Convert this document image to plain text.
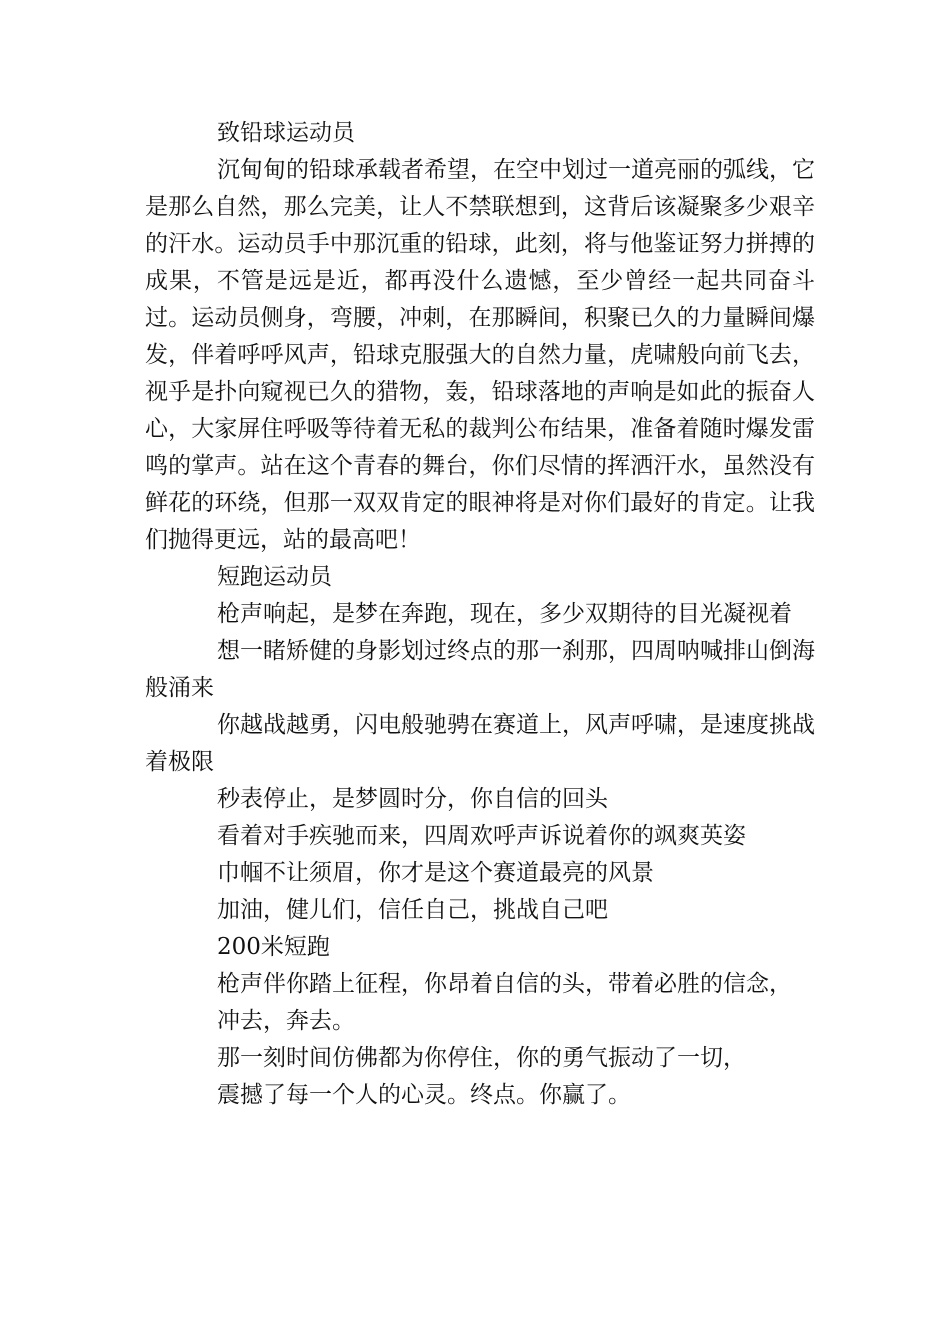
致铅球运动员

沉甸甸的铅球承载者希望，在空中划过一道亮丽的弧线，它是那么自然，那么完美，让人不禁联想到，这背后该凝聚多少艰辛的汗水。运动员手中那沉重的铅球，此刻，将与他鉴证努力拼搏的成果，不管是远是近，都再没什么遗憾，至少曾经一起共同奋斗过。运动员侧身，弯腰，冲刺，在那瞬间，积聚已久的力量瞬间爆发，伴着呼呼风声，铅球克服强大的自然力量，虎啸般向前飞去，视乎是扑向窥视已久的猎物，轰，铅球落地的声响是如此的振奋人心，大家屏住呼吸等待着无私的裁判公布结果，准备着随时爆发雷鸣的掌声。站在这个青春的舞台，你们尽情的挥洒汗水，虽然没有鲜花的环绕，但那一双双肯定的眼神将是对你们最好的肯定。让我们抛得更远，站的最高吧！

短跑运动员

枪声响起，是梦在奔跑，现在，多少双期待的目光凝视着

想一睹矫健的身影划过终点的那一刹那，四周呐喊排山倒海般涌来

你越战越勇，闪电般驰骋在赛道上，风声呼啸，是速度挑战着极限

秒表停止，是梦圆时分，你自信的回头

看着对手疾驰而来，四周欢呼声诉说着你的飒爽英姿

巾帼不让须眉，你才是这个赛道最亮的风景

加油，健儿们，信任自己，挑战自己吧

200米短跑

枪声伴你踏上征程，你昂着自信的头，带着必胜的信念，

冲去，奔去。

那一刻时间仿佛都为你停住，你的勇气振动了一切，

震撼了每一个人的心灵。终点。你赢了。
